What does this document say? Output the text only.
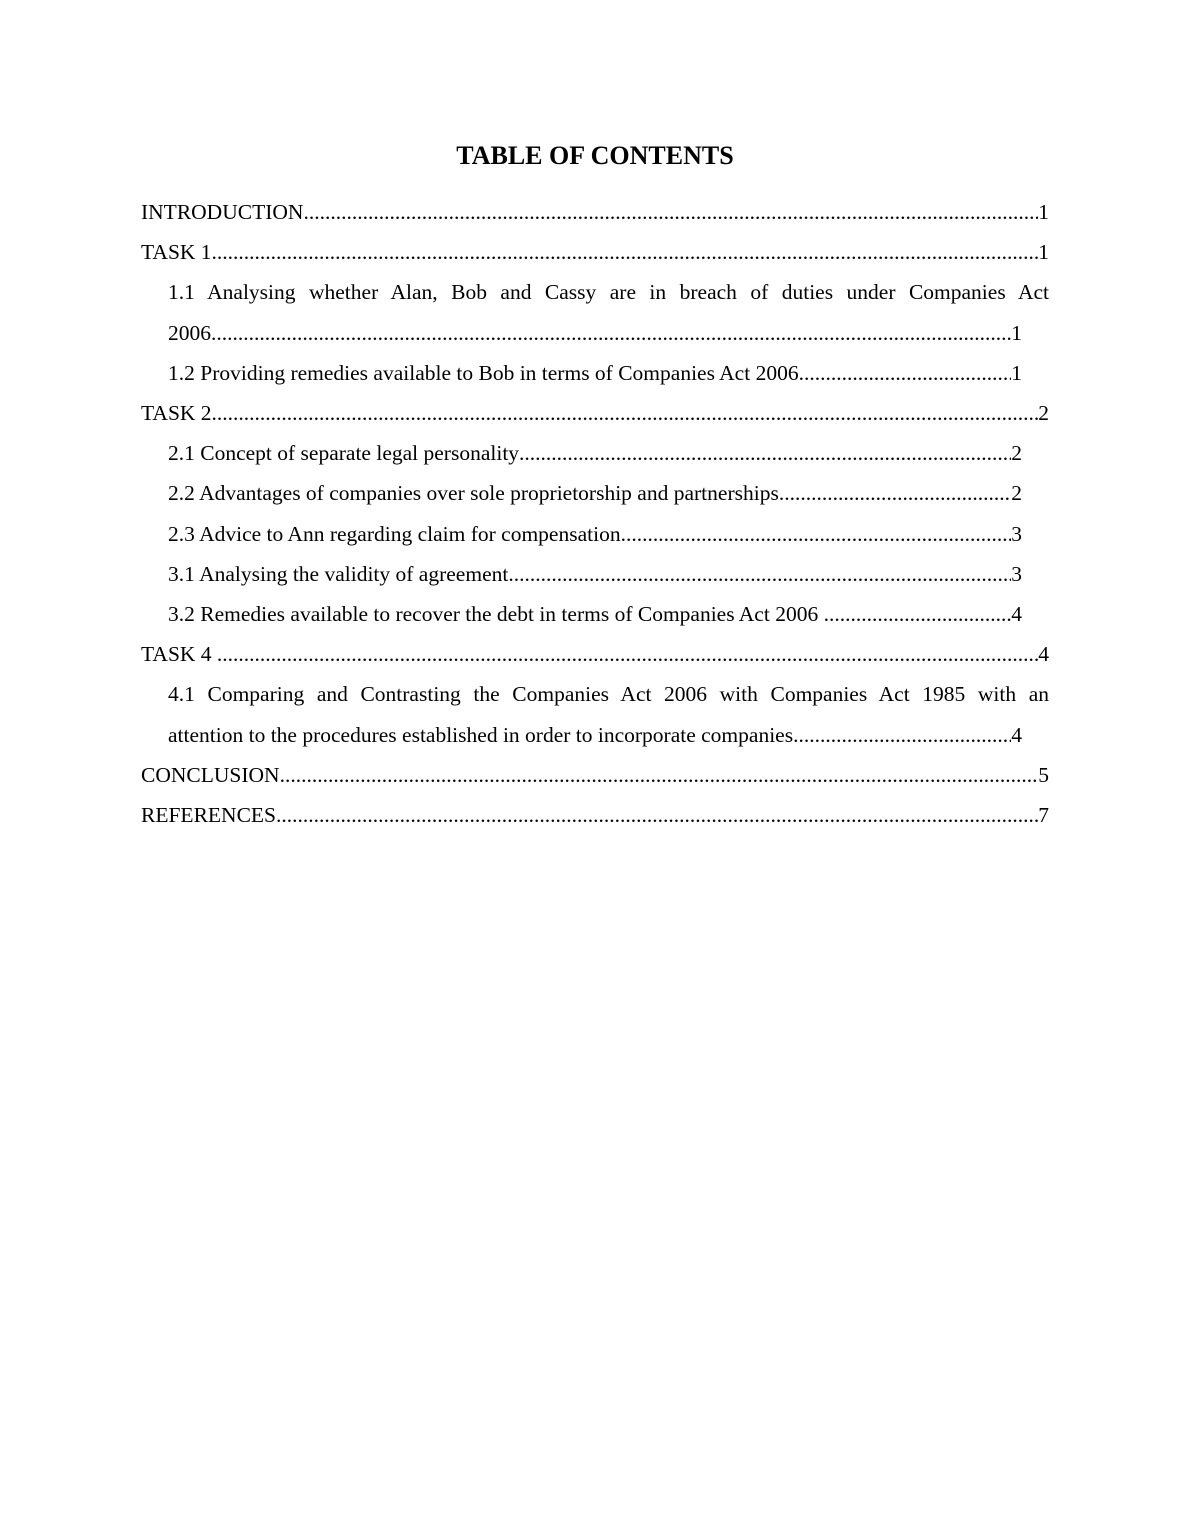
TABLE OF CONTENTS
INTRODUCTION .....	1
TASK 1 .....	1
1.1 Analysing whether Alan, Bob and Cassy are in breach of duties under Companies Act
2006 .....	1
1.2 Providing remedies available to Bob in terms of Companies Act 2006 .....	1
TASK 2 .....	2
2.1 Concept of separate legal personality .....	2
2.2 Advantages of companies over sole proprietorship and partnerships .....	2
2.3 Advice to Ann regarding claim for compensation .....	3
3.1 Analysing the validity of agreement .....	3
3.2 Remedies available to recover the debt in terms of Companies Act 2006 .....	4
TASK 4 .....	4
4.1 Comparing and Contrasting the Companies Act 2006 with Companies Act 1985 with an
attention to the procedures established in order to incorporate companies .....	4
CONCLUSION .....	5
REFERENCES .....	7
